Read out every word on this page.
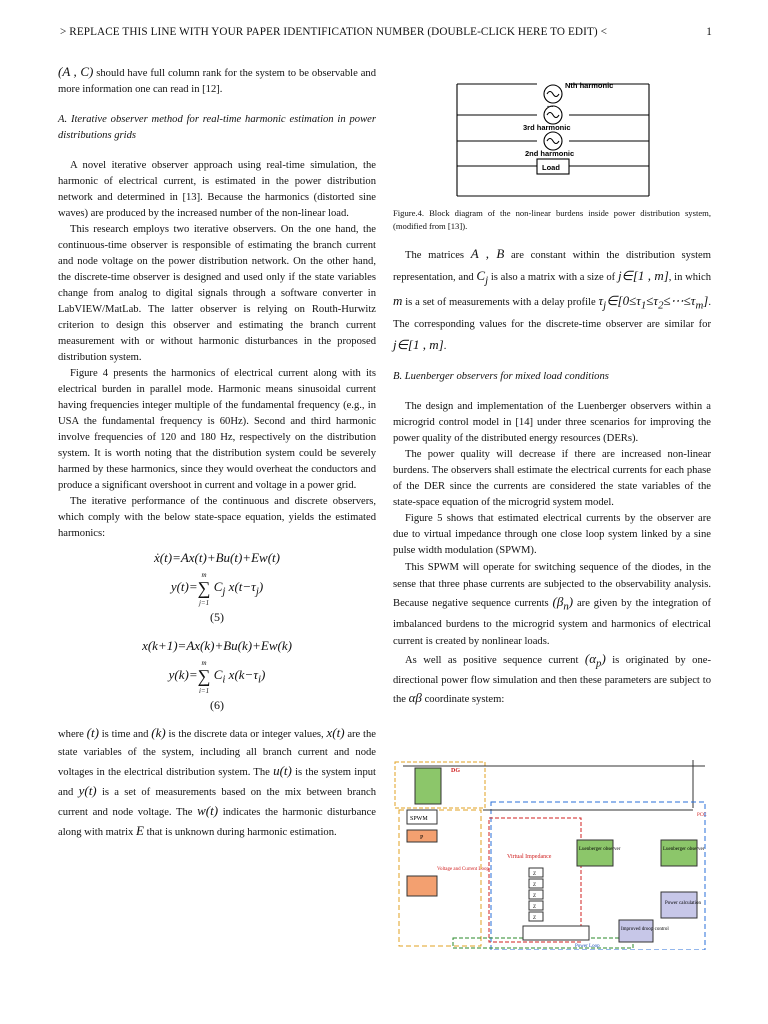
> REPLACE THIS LINE WITH YOUR PAPER IDENTIFICATION NUMBER (DOUBLE-CLICK HERE TO EDIT) <	1

(A , C) should have full column rank for the system to be observable and more information one can read in [12].

A. Iterative observer method for real-time harmonic estimation in power distributions grids

A novel iterative observer approach using real-time simulation, the harmonic of electrical current, is estimated in the power distribution network and determined in [13]. Because the harmonics (distorted sine waves) are produced by the increased number of the non-linear load.

This research employs two iterative observers. On the one hand, the continuous-time observer is responsible of estimating the branch current and node voltage on the power distribution network. On the other hand, the discrete-time observer is designed and used only if the state variables change from analog to digital signals through a software converter in LabVIEW/MatLab. The latter observer is relying on Routh-Hurwitz criterion to design this observer and estimating the branch current measurement with or without harmonic disturbances in the proposed distribution system.

Figure 4 presents the harmonics of electrical current along with its electrical burden in parallel mode. Harmonic means sinusoidal current having frequencies integer multiple of the fundamental frequency (e.g., in USA the fundamental frequency is 60Hz). Second and third harmonic involve frequencies of 120 and 180 Hz, respectively on the distribution system. It is worth noting that the distribution system could be severely harmed by these harmonics, since they would overheat the conductors and produce a significant overshoot in current and voltage in a power grid.

The iterative performance of the continuous and discrete observers, which comply with the below state-space equation, yields the estimated harmonics:

ẋ(t)=Ax(t)+Bu(t)+Ew(t)
y(t)=m
∑
j=1 $C_j$ $x(t-\tau_j)$
(5)
x(k+1)=Ax(k)+Bu(k)+Ew(k)
y(k)=m
∑
i=1 $C_i$ $x(k-\tau_i)$
(6)

where (t) is time and (k) is the discrete data or integer values, x(t) are the state variables of the system, including all branch current and node voltages in the electrical distribution system. The u(t) is the system input and y(t) is a set of measurements based on the mix between branch current and node voltage. The w(t) indicates the harmonic disturbance along with matrix E that is unknown during harmonic estimation.

Nth harmonic
...
3rd harmonic
2nd harmonic
Load
Figure.4. Block diagram of the non-linear burdens inside power distribution system, (modified from [13]).

The matrices A , B are constant within the distribution system representation, and $C_j$ is also a matrix with a size of j∈[1 , m], in which m is a set of measurements with a delay profile $\tau_j\in[0\le\tau_1\le\tau_2\le\cdots\le\tau_m]$. The corresponding values for the discrete-time observer are similar for j∈[1 , m].

B. Luenberger observers for mixed load conditions

The design and implementation of the Luenberger observers within a microgrid control model in [14] under three scenarios for improving the power quality of the distributed energy resources (DERs).

The power quality will decrease if there are increased non-linear burdens. The observers shall estimate the electrical currents for each phase of the DER since the currents are considered the state variables of the state-space equation of the microgrid system model.

Figure 5 shows that estimated electrical currents by the observer are due to virtual impedance through one close loop system linked by a sine pulse width modulation (SPWM).

This SPWM will operate for switching sequence of the diodes, in the sense that three phase currents are subjected to the observability analysis. Because negative sequence currents $(\beta_n)$ are given by the integration of imbalanced burdens to the microgrid system and harmonics of electrical current is created by nonlinear loads.

As well as positive sequence current $(\alpha_p)$ is originated by one-directional power flow simulation and then these parameters are subject to the αβ coordinate system:

DG
SPWM
P
Virtual Impedance
Voltage and Current Loop
Luenberger observer	Luenberger observer
Power calculation
Improved droop control
Power Loop
PCC
Z
Z
Z
Z
Z
